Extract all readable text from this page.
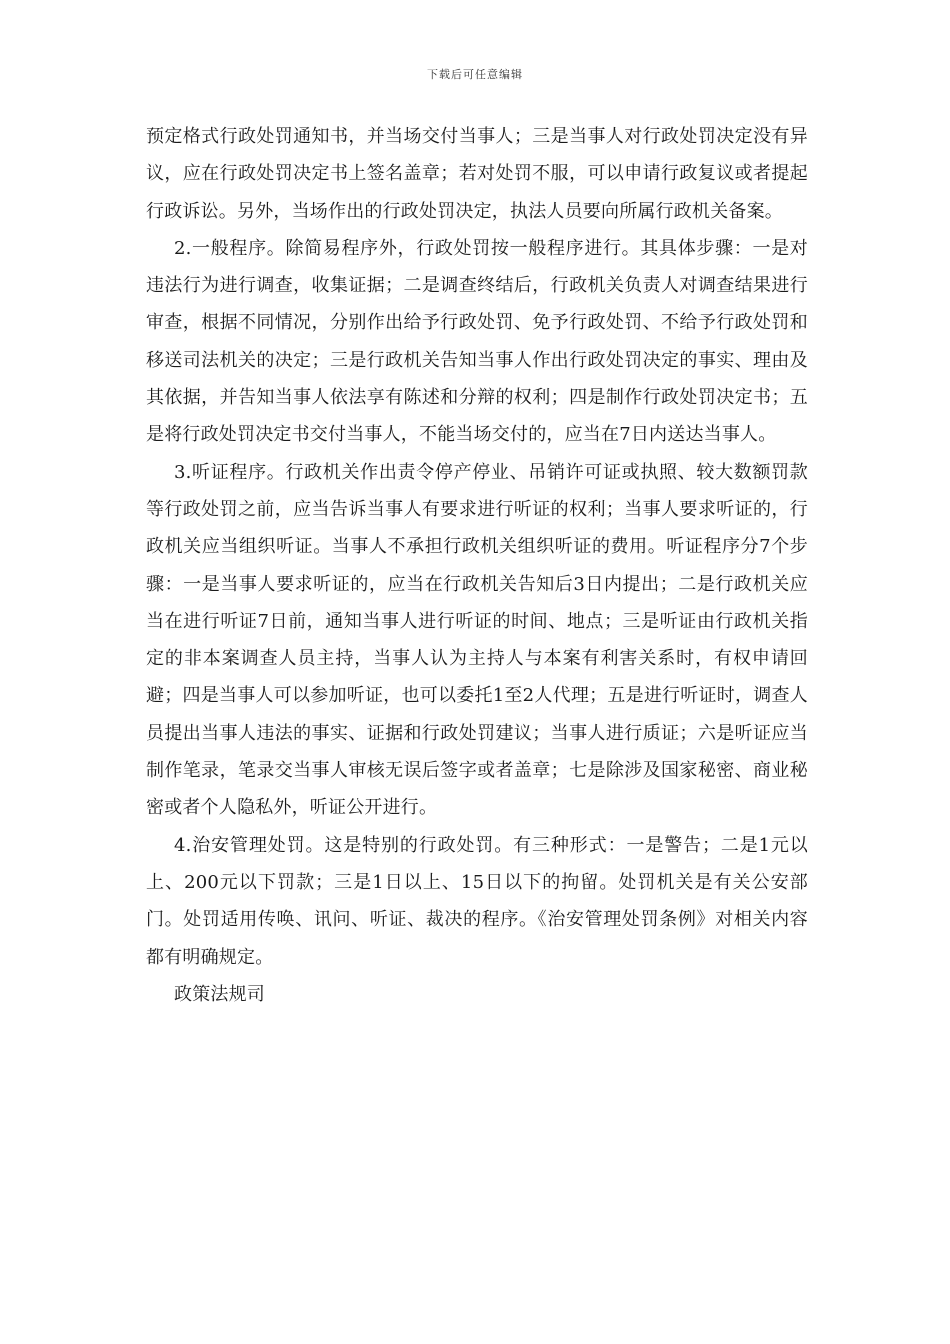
下载后可任意编辑

预定格式行政处罚通知书，并当场交付当事人；三是当事人对行政处罚决定没有异议，应在行政处罚决定书上签名盖章；若对处罚不服，可以申请行政复议或者提起行政诉讼。另外，当场作出的行政处罚决定，执法人员要向所属行政机关备案。

2.一般程序。除简易程序外，行政处罚按一般程序进行。其具体步骤：一是对违法行为进行调查，收集证据；二是调查终结后，行政机关负责人对调查结果进行审查，根据不同情况，分别作出给予行政处罚、免予行政处罚、不给予行政处罚和移送司法机关的决定；三是行政机关告知当事人作出行政处罚决定的事实、理由及其依据，并告知当事人依法享有陈述和分辩的权利；四是制作行政处罚决定书；五是将行政处罚决定书交付当事人，不能当场交付的，应当在7日内送达当事人。

3.听证程序。行政机关作出责令停产停业、吊销许可证或执照、较大数额罚款等行政处罚之前，应当告诉当事人有要求进行听证的权利；当事人要求听证的，行政机关应当组织听证。当事人不承担行政机关组织听证的费用。听证程序分7个步骤：一是当事人要求听证的，应当在行政机关告知后3日内提出；二是行政机关应当在进行听证7日前，通知当事人进行听证的时间、地点；三是听证由行政机关指定的非本案调查人员主持，当事人认为主持人与本案有利害关系时，有权申请回避；四是当事人可以参加听证，也可以委托1至2人代理；五是进行听证时，调查人员提出当事人违法的事实、证据和行政处罚建议；当事人进行质证；六是听证应当制作笔录，笔录交当事人审核无误后签字或者盖章；七是除涉及国家秘密、商业秘密或者个人隐私外，听证公开进行。

4.治安管理处罚。这是特别的行政处罚。有三种形式：一是警告；二是1元以上、200元以下罚款；三是1日以上、15日以下的拘留。处罚机关是有关公安部门。处罚适用传唤、讯问、听证、裁决的程序。《治安管理处罚条例》对相关内容都有明确规定。

政策法规司
